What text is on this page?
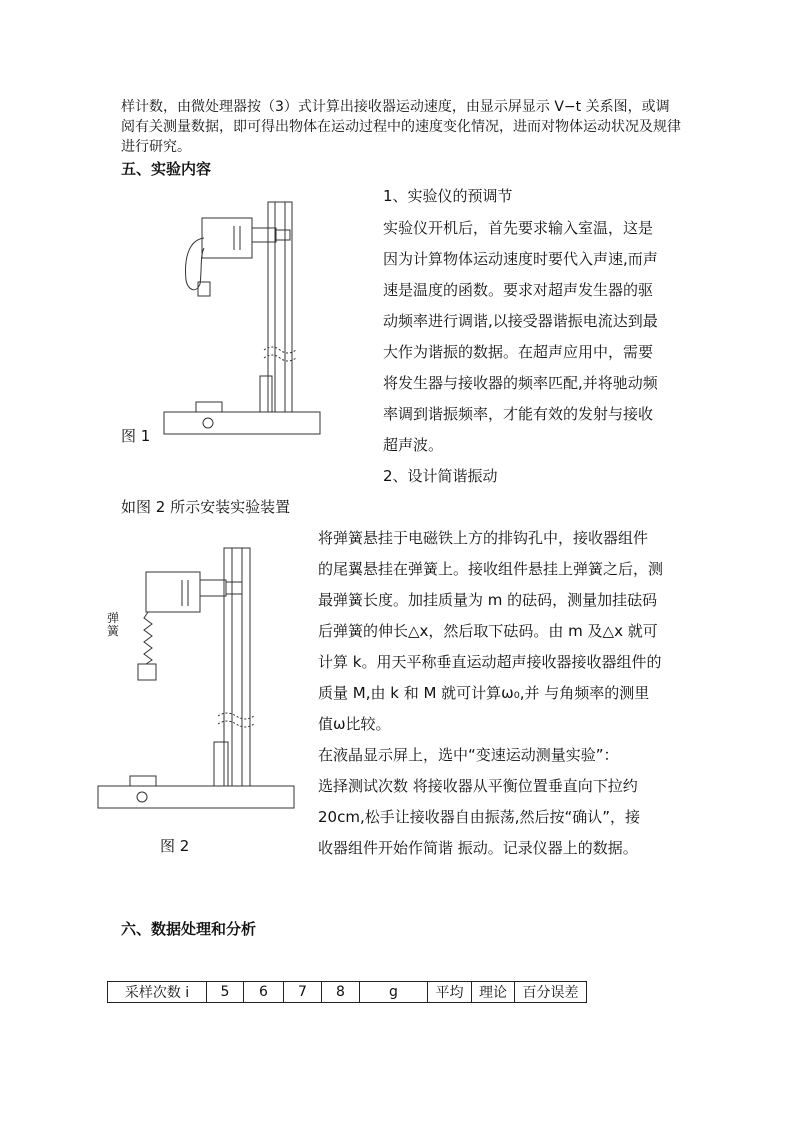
样计数，由微处理器按（3）式计算出接收器运动速度，由显示屏显示 V−t 关系图，或调
阅有关测量数据，即可得出物体在运动过程中的速度变化情况，进而对物体运动状况及规律
进行研究。
五、实验内容
图 1
1、实验仪的预调节
实验仪开机后，首先要求输入室温，这是
因为计算物体运动速度时要代入声速,而声
速是温度的函数。要求对超声发生器的驱
动频率进行调谐,以接受器谐振电流达到最
大作为谐振的数据。在超声应用中，需要
将发生器与接收器的频率匹配,并将驰动频
率调到谐振频率，才能有效的发射与接收
超声波。
2、设计简谐振动
如图 2 所示安装实验装置
弹簧
图 2
将弹簧悬挂于电磁铁上方的排钩孔中，接收器组件
的尾翼悬挂在弹簧上。接收组件悬挂上弹簧之后，测
最弹簧长度。加挂质量为 m 的砝码，测量加挂砝码
后弹簧的伸长△x，然后取下砝码。由 m 及△x 就可
计算 k。用天平称垂直运动超声接收器接收器组件的
质量 M,由 k 和 M 就可计算ω₀,并 与角频率的测里
值ω比较。
在液晶显示屏上，选中“变速运动测量实验”：
选择测试次数 将接收器从平衡位置垂直向下拉约
20cm,松手让接收器自由振荡,然后按“确认”，接
收器组件开始作简谐 振动。记录仪器上的数据。
六、数据处理和分析
采样次数 i	5	6	7	8	g	平均	理论	百分误差
